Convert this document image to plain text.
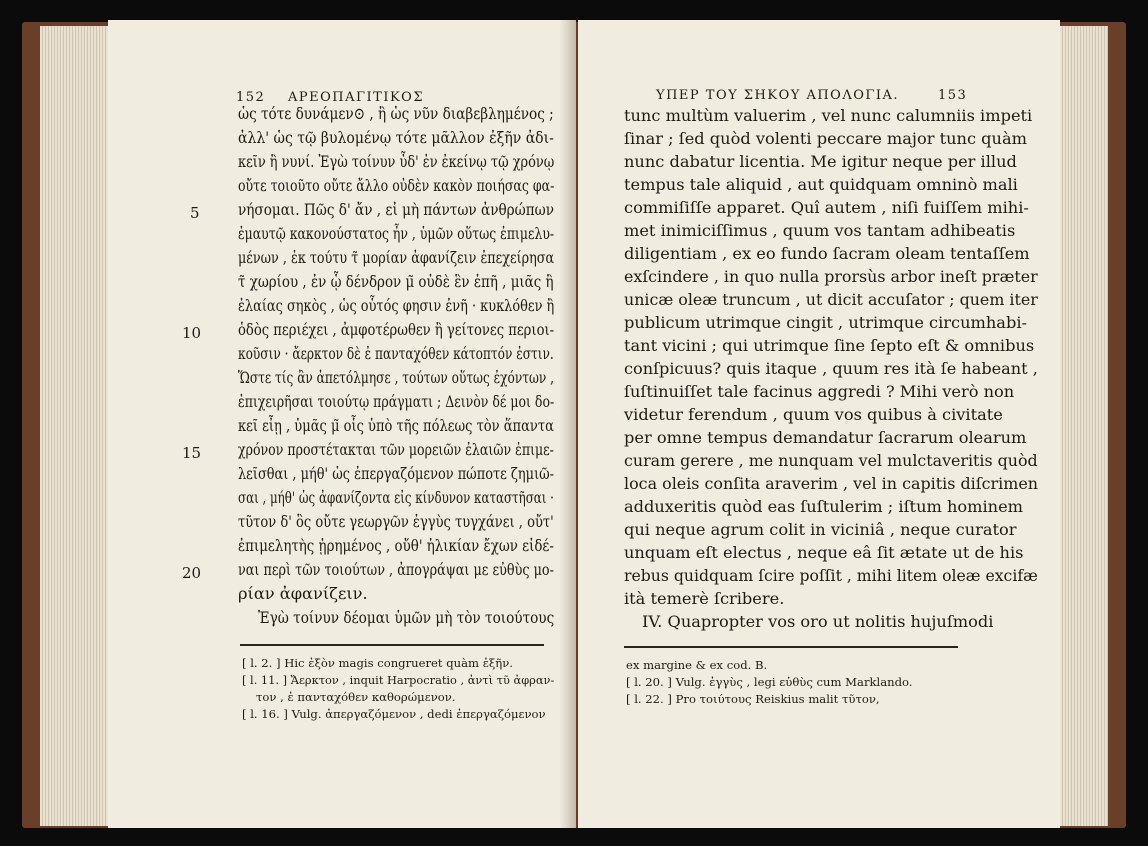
152 ΑΡΕΟΠΑΓΙΤΙΚΟΣ
ὡς τότε δυνάμεν⊙ , ἢ ὡς νῦν διαβεβλημένος ;
ἀλλ' ὡς τῷ βυλομένῳ τότε μᾶλλον ἐξῆν ἀδι-
κεῖν ἢ νυνί. Ἐγὼ τοίνυν ὖδ' ἐν ἐκείνῳ τῷ χρόνῳ
οὔτε τοιοῦτο οὔτε ἄλλο οὐδὲν κακὸν ποιήσας φα-
νήσομαι. Πῶς δ' ἄν , εἰ μὴ πάντων ἀνθρώπων
ἐμαυτῷ κακονούστατος ἦν , ὑμῶν οὕτως ἐπιμελυ-
μένων , ἐκ τούτυ τ̃ μορίαν ἀφανίζειν ἐπεχείρησα
τ̃ χωρίου , ἐν ᾧ δένδρον μ̃ οὐδὲ ἓν ἐπῆ , μιᾶς ἢ
ἐλαίας σηκὸς , ὡς οὗτός φησιν ἐνῆ · κυκλόθεν ἢ
ὁδὸς περιέχει , ἀμφοτέρωθεν ἢ γείτονες περιοι-
κοῦσιν · ἄερκτον δὲ ἐ πανταχόθεν κάτοπτόν ἐστιν.
Ὥστε τίς ἂν ἀπετόλμησε , τούτων οὕτως ἐχόντων ,
ἐπιχειρῆσαι τοιούτῳ πράγματι ; Δεινὸν δέ μοι δο-
κεῖ εἶῃ , ὑμᾶς μ̃ οἷς ὑπὸ τῆς πόλεως τὸν ἅπαντα
χρόνον προστέτακται τῶν μορειῶν ἐλαιῶν ἐπιμε-
λεῖσθαι , μήθ' ὡς ἐπεργαζόμενον πώποτε ζημιῶ-
σαι , μήθ' ὡς ἀφανίζοντα εἰς κίνδυνον καταστῆσαι ·
τῦτον δ' ὃς οὔτε γεωργῶν ἐγγὺς τυγχάνει , οὔτ'
ἐπιμελητὴς ᾑρημένος , οὔθ' ἡλικίαν ἔχων εἰδέ-
ναι περὶ τῶν τοιούτων , ἀπογράψαι με εὐθὺς μο-
ρίαν ἀφανίζειν.
Ἐγὼ τοίνυν δέομαι ὑμῶν μὴ τὸν τοιούτους
5
10
15
20
[ l. 2. ] Hic ἐξὸν magis congrueret quàm ἐξῆν.
[ l. 11. ] Ἄερκτον , inquit Harpocratio , ἀντὶ τῦ ἀφραν-
τον , ἐ πανταχόθεν καθορώμενον.
[ l. 16. ] Vulg. ἀπεργαζόμενον , dedi ἐπεργαζόμενον
ΥΠΕΡ ΤΟΥ ΣΗΚΟΥ ΑΠΟΛΟΓΙΑ.	153
tunc multùm valuerim , vel nunc calumniis impeti
ſinar ; ſed quòd volenti peccare major tunc quàm
nunc dabatur licentia. Me igitur neque per illud
tempus tale aliquid , aut quidquam omninò mali
commiſiſſe apparet. Quî autem , niſi fuiſſem mihi-
met inimiciſſimus , quum vos tantam adhibeatis
diligentiam , ex eo fundo ſacram oleam tentaſſem
exſcindere , in quo nulla prorsùs arbor ineſt præter
unicæ oleæ truncum , ut dicit accuſator ; quem iter
publicum utrimque cingit , utrimque circumhabi-
tant vicini ; qui utrimque ſine ſepto eſt & omnibus
conſpicuus? quis itaque , quum res ità ſe habeant ,
ſuſtinuiſſet tale facinus aggredi ? Mihi verò non
videtur ferendum , quum vos quibus à civitate
per omne tempus demandatur ſacrarum olearum
curam gerere , me nunquam vel mulctaveritis quòd
loca oleis conſita araverim , vel in capitis diſcrimen
adduxeritis quòd eas ſuſtulerim ; iſtum hominem
qui neque agrum colit in viciniâ , neque curator
unquam eſt electus , neque eâ ſit ætate ut de his
rebus quidquam ſcire poſſit , mihi litem oleæ excifæ
ità temerè ſcribere.
IV. Quapropter vos oro ut nolitis hujuſmodi
ex margine & ex cod. B.
[ l. 20. ] Vulg. ἐγγὺς , legi εὐθὺς cum Marklando.
[ l. 22. ] Pro τοιύτους Reiskius malit τῦτον,
